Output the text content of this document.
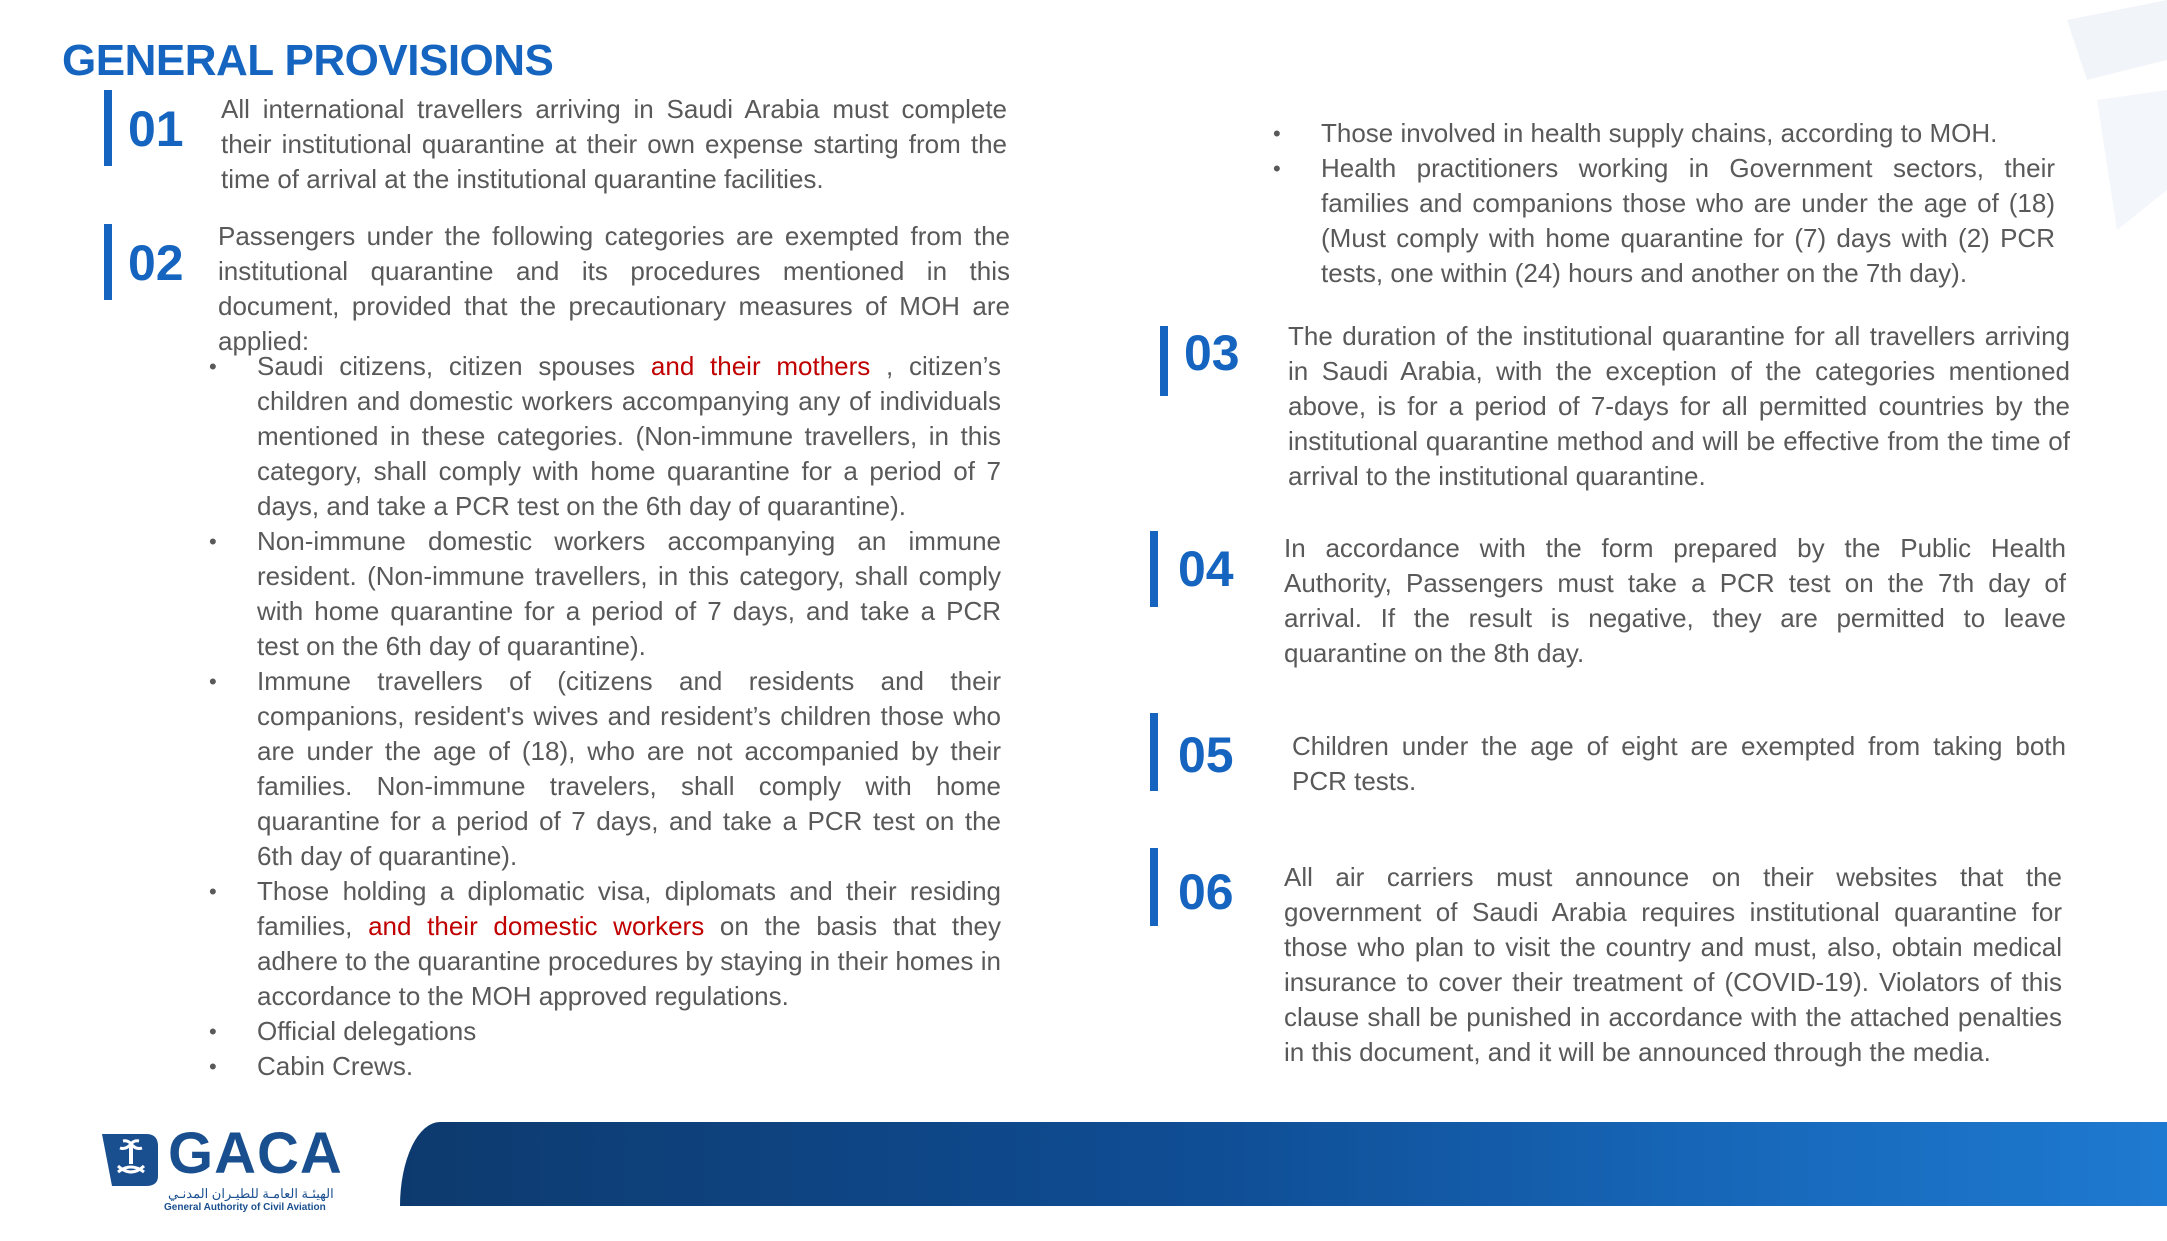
GENERAL PROVISIONS
01 All international travellers arriving in Saudi Arabia must complete their institutional quarantine at their own expense starting from the time of arrival at the institutional quarantine facilities.
02 Passengers under the following categories are exempted from the institutional quarantine and its procedures mentioned in this document, provided that the precautionary measures of MOH are applied:
• Saudi citizens, citizen spouses and their mothers , citizen’s children and domestic workers accompanying any of individuals mentioned in these categories. (Non-immune travellers, in this category, shall comply with home quarantine for a period of 7 days, and take a PCR test on the 6th day of quarantine).
• Non-immune domestic workers accompanying an immune resident. (Non-immune travellers, in this category, shall comply with home quarantine for a period of 7 days, and take a PCR test on the 6th day of quarantine).
• Immune travellers of (citizens and residents and their companions, resident's wives and resident’s children those who are under the age of (18), who are not accompanied by their families. Non-immune travelers, shall comply with home quarantine for a period of 7 days, and take a PCR test on the 6th day of quarantine).
• Those holding a diplomatic visa, diplomats and their residing families, and their domestic workers on the basis that they adhere to the quarantine procedures by staying in their homes in accordance to the MOH approved regulations.
• Official delegations
• Cabin Crews.
• Those involved in health supply chains, according to MOH.
• Health practitioners working in Government sectors, their families and companions those who are under the age of (18) (Must comply with home quarantine for (7) days with (2) PCR tests, one within (24) hours and another on the 7th day).
03 The duration of the institutional quarantine for all travellers arriving in Saudi Arabia, with the exception of the categories mentioned above, is for a period of 7-days for all permitted countries by the institutional quarantine method and will be effective from the time of arrival to the institutional quarantine.
04 In accordance with the form prepared by the Public Health Authority, Passengers must take a PCR test on the 7th day of arrival. If the result is negative, they are permitted to leave quarantine on the 8th day.
05 Children under the age of eight are exempted from taking both PCR tests.
06 All air carriers must announce on their websites that the government of Saudi Arabia requires institutional quarantine for those who plan to visit the country and must, also, obtain medical insurance to cover their treatment of (COVID-19). Violators of this clause shall be punished in accordance with the attached penalties in this document, and it will be announced through the media.
GACA
الهيئـة العامـة للطيـران المدنـي
General Authority of Civil Aviation
